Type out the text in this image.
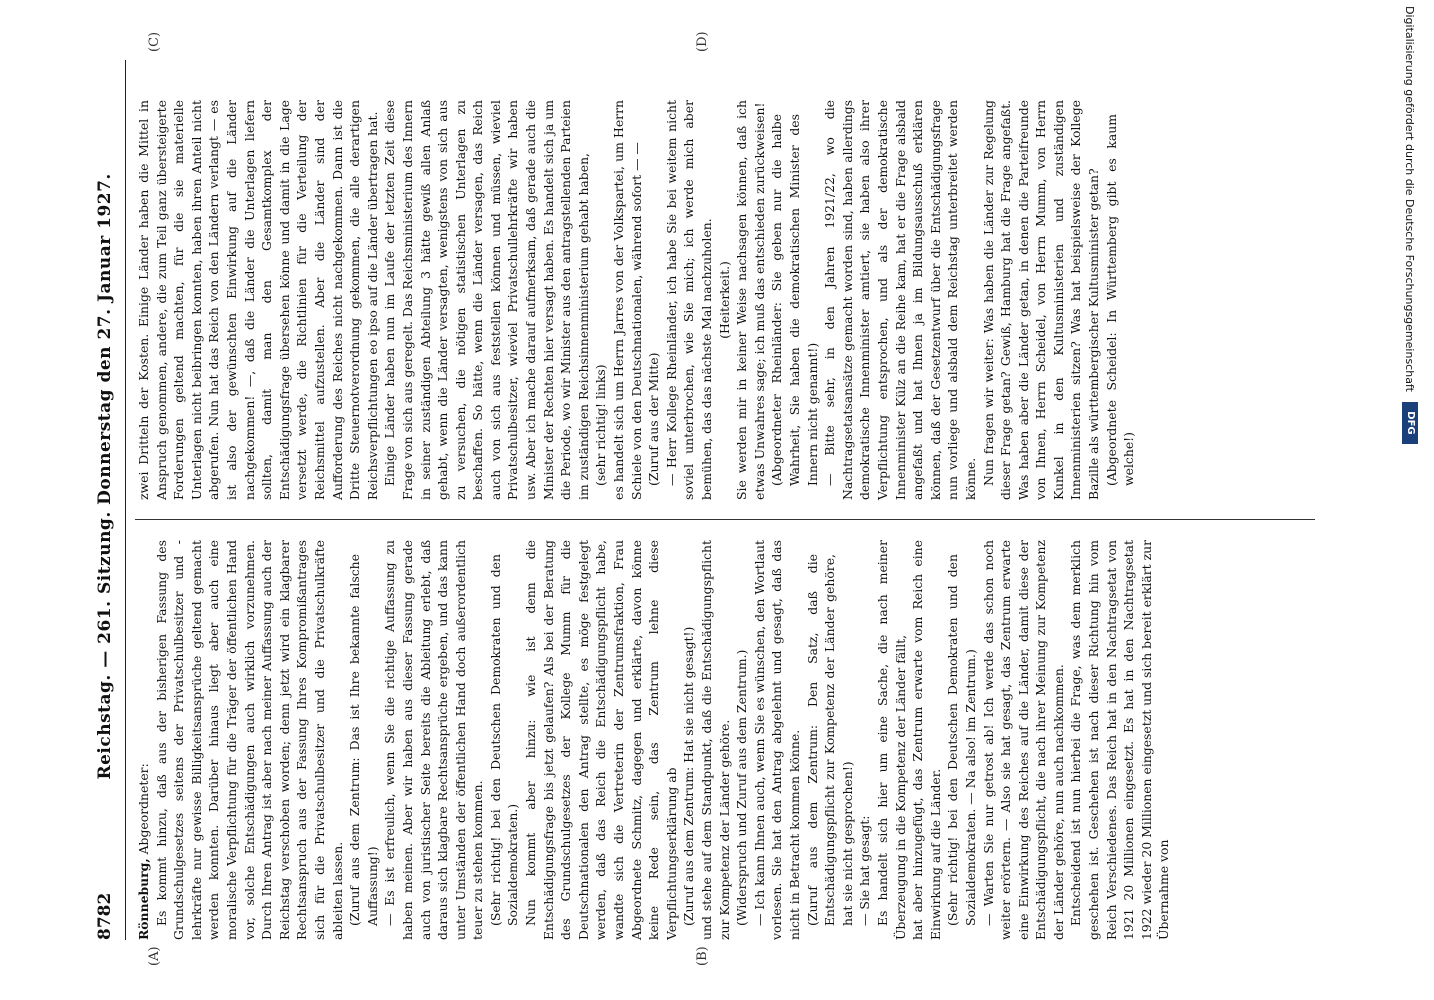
8782
Reichstag. — 261. Sitzung. Donnerstag den 27. Januar 1927.
(A)	(B)
(C)	(D)

Rönneburg, Abgeordneter: Es kommt hinzu, daß aus der bisherigen Fassung des Grundschulgesetzes seitens der Privatschulbesitzer und -lehrkräfte nur gewisse Billigkeitsansprüche geltend gemacht werden konnten. Darüber hinaus liegt aber auch eine moralische Verpflichtung für die Träger der öffentlichen Hand vor, solche Entschädigungen auch wirklich vorzunehmen. Durch Ihren Antrag ist aber nach meiner Auffassung auch der Reichstag verschoben worden; denn jetzt wird ein klagbarer Rechtsanspruch aus der Fassung Ihres Kompromißantrages sich für die Privatschulbesitzer und die Privatschulkräfte ableiten lassen. (Zuruf aus dem Zentrum: Das ist Ihre bekannte falsche Auffassung!) — Es ist erfreulich, wenn Sie die richtige Auffassung zu haben meinen. Aber wir haben aus dieser Fassung gerade auch von juristischer Seite bereits die Ableitung erlebt, daß daraus sich klagbare Rechtsansprüche ergeben, und das kann unter Umständen der öffentlichen Hand doch außerordentlich teuer zu stehen kommen. (Sehr richtig! bei den Deutschen Demokraten und den Sozialdemokraten.) Nun kommt aber hinzu: wie ist denn die Entschädigungsfrage bis jetzt gelaufen? Als bei der Beratung des Grundschulgesetzes der Kollege Mumm für die Deutschnationalen den Antrag stellte, es möge festgelegt werden, daß das Reich die Entschädigungspflicht habe, wandte sich die Vertreterin der Zentrumsfraktion, Frau Abgeordnete Schmitz, dagegen und erklärte, davon könne keine Rede sein, das Zentrum lehne diese Verpflichtungserklärung ab (Zuruf aus dem Zentrum: Hat sie nicht gesagt!) und stehe auf dem Standpunkt, daß die Entschädigungspflicht zur Kompetenz der Länder gehöre. (Widerspruch und Zuruf aus dem Zentrum.) — Ich kann Ihnen auch, wenn Sie es wünschen, den Wortlaut vorlesen. Sie hat den Antrag abgelehnt und gesagt, daß das nicht in Betracht kommen könne. (Zuruf aus dem Zentrum: Den Satz, daß die Entschädigungspflicht zur Kompetenz der Länder gehöre, hat sie nicht gesprochen!) — Sie hat gesagt: Es handelt sich hier um eine Sache, die nach meiner Überzeugung in die Kompetenz der Länder fällt, hat aber hinzugefügt, das Zentrum erwarte vom Reich eine Einwirkung auf die Länder. (Sehr richtig! bei den Deutschen Demokraten und den Sozialdemokraten. — Na also! im Zentrum.) — Warten Sie nur getrost ab! Ich werde das schon noch weiter erörtern. — Also sie hat gesagt, das Zentrum erwarte eine Einwirkung des Reiches auf die Länder, damit diese der Entschädigungspflicht, die nach ihrer Meinung zur Kompetenz der Länder gehöre, nun auch nachkommen. Entscheidend ist nun hierbei die Frage, was dem merklich geschehen ist. Geschehen ist nach dieser Richtung hin vom Reich Verschiedenes. Das Reich hat in den Nachtragsetat von 1921 20 Millionen eingesetzt. Es hat in den Nachtragsetat 1922 wieder 20 Millionen eingesetzt und sich bereit erklärt zur Übernahme von

zwei Dritteln der Kosten. Einige Länder haben die Mittel in Anspruch genommen, andere, die zum Teil ganz übersteigerte Forderungen geltend machten, für die sie materielle Unterlagen nicht beibringen konnten, haben ihren Anteil nicht abgerufen. Nun hat das Reich von den Ländern verlangt — es ist also der gewünschten Einwirkung auf die Länder nachgekommen! —, daß die Länder die Unterlagen liefern sollten, damit man den Gesamtkomplex der Entschädigungsfrage übersehen könne und damit in die Lage versetzt werde, die Richtlinien für die Verteilung der Reichsmittel aufzustellen. Aber die Länder sind der Aufforderung des Reiches nicht nachgekommen. Dann ist die Dritte Steuernotverordnung gekommen, die alle derartigen Reichsverpflichtungen eo ipso auf die Länder übertragen hat. Einige Länder haben nun im Laufe der letzten Zeit diese Frage von sich aus geregelt. Das Reichsministerium des Innern in seiner zuständigen Abteilung 3 hätte gewiß allen Anlaß gehabt, wenn die Länder versagten, wenigstens von sich aus zu versuchen, die nötigen statistischen Unterlagen zu beschaffen. So hätte, wenn die Länder versagen, das Reich auch von sich aus feststellen können und müssen, wieviel Privatschulbesitzer, wieviel Privatschullehrkräfte wir haben usw. Aber ich mache darauf aufmerksam, daß gerade auch die Minister der Rechten hier versagt haben. Es handelt sich ja um die Periode, wo wir Minister aus den antragstellenden Parteien im zuständigen Reichsinnenministerium gehabt haben, (sehr richtig! links) es handelt sich um Herrn Jarres von der Volkspartei, um Herrn Schiele von den Deutschnationalen, während sofort — — (Zuruf aus der Mitte) — Herr Kollege Rheinländer, ich habe Sie bei weitem nicht soviel unterbrochen, wie Sie mich; ich werde mich aber bemühen, das das nächste Mal nachzuholen. (Heiterkeit.) Sie werden mir in keiner Weise nachsagen können, daß ich etwas Unwahres sage; ich muß das entschieden zurückweisen! (Abgeordneter Rheinländer: Sie geben nur die halbe Wahrheit, Sie haben die demokratischen Minister des Innern nicht genannt!) — Bitte sehr, in den Jahren 1921/22, wo die Nachtragsetatsansätze gemacht worden sind, haben allerdings demokratische Innenminister amtiert, sie haben also ihrer Verpflichtung entsprochen, und als der demokratische Innenminister Külz an die Reihe kam, hat er die Frage alsbald angefaßt und hat Ihnen ja im Bildungsausschuß erklären können, daß der Gesetzentwurf über die Entschädigungsfrage nun vorliege und alsbald dem Reichstag unterbreitet werden könne. Nun fragen wir weiter: Was haben die Länder zur Regelung dieser Frage getan? Gewiß, Hamburg hat die Frage angefaßt. Was haben aber die Länder getan, in denen die Parteifreunde von Ihnen, Herrn Scheidel, von Herrn Mumm, von Herrn Kunkel in den Kultusministerien und zuständigen Innenministerien sitzen? Was hat beispielsweise der Kollege Bazille als württembergischer Kultusminister getan? (Abgeordnete Scheidel: In Württemberg gibt es kaum welche!)

Digitalisierung gefördert durch die Deutsche Forschungsgemeinschaft
DFG
